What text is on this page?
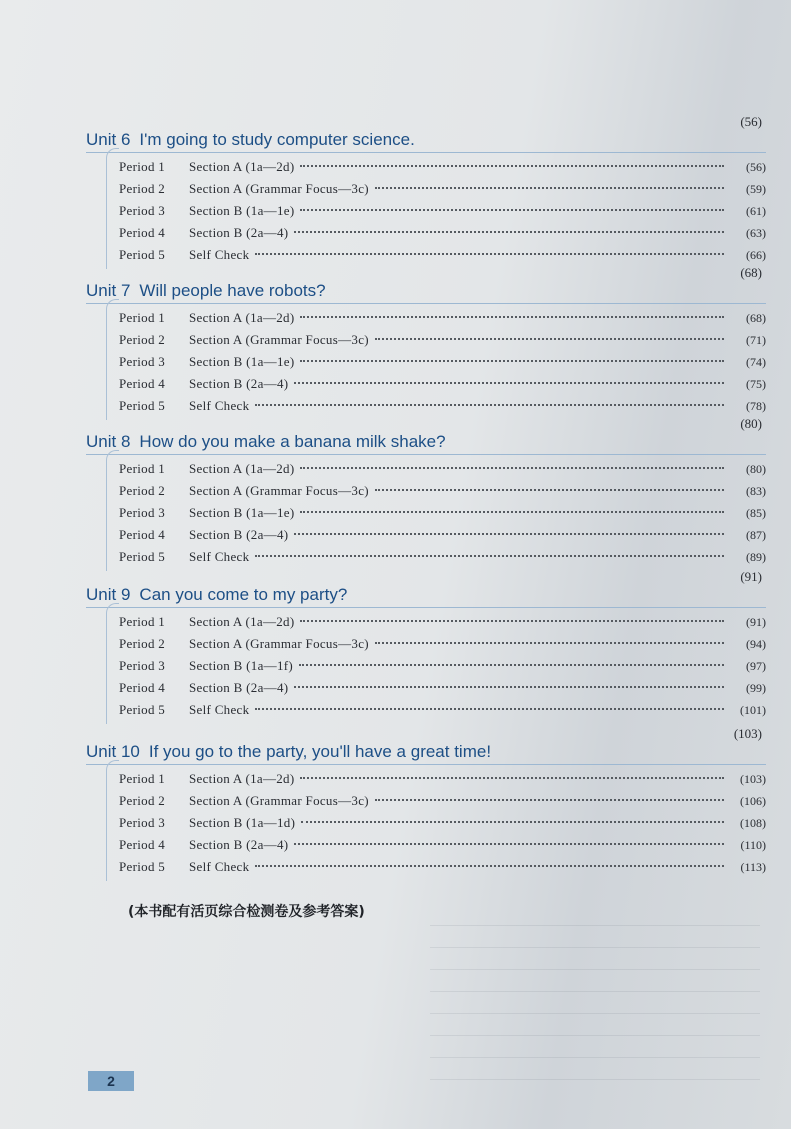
Unit 6 I'm going to study computer science.
(56)
Period 1	Section A (1a—2d)	(56)
Period 2	Section A (Grammar Focus—3c)	(59)
Period 3	Section B (1a—1e)	(61)
Period 4	Section B (2a—4)	(63)
Period 5	Self Check	(66)
Unit 7 Will people have robots?
(68)
Period 1	Section A (1a—2d)	(68)
Period 2	Section A (Grammar Focus—3c)	(71)
Period 3	Section B (1a—1e)	(74)
Period 4	Section B (2a—4)	(75)
Period 5	Self Check	(78)
Unit 8 How do you make a banana milk shake?
(80)
Period 1	Section A (1a—2d)	(80)
Period 2	Section A (Grammar Focus—3c)	(83)
Period 3	Section B (1a—1e)	(85)
Period 4	Section B (2a—4)	(87)
Period 5	Self Check	(89)
Unit 9 Can you come to my party?
(91)
Period 1	Section A (1a—2d)	(91)
Period 2	Section A (Grammar Focus—3c)	(94)
Period 3	Section B (1a—1f)	(97)
Period 4	Section B (2a—4)	(99)
Period 5	Self Check	(101)
Unit 10 If you go to the party, you'll have a great time!
(103)
Period 1	Section A (1a—2d)	(103)
Period 2	Section A (Grammar Focus—3c)	(106)
Period 3	Section B (1a—1d)	(108)
Period 4	Section B (2a—4)	(110)
Period 5	Self Check	(113)
(本书配有活页综合检测卷及参考答案)
2
